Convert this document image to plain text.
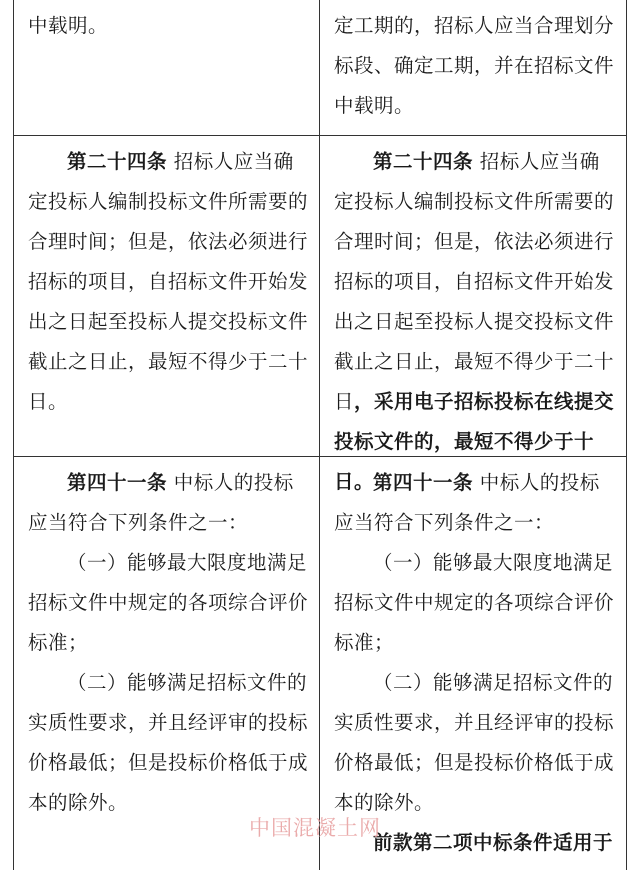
中载明。	定工期的，招标人应当合理划分标段、确定工期，并在招标文件中载明。

第二十四条 招标人应当确定投标人编制投标文件所需要的合理时间；但是，依法必须进行招标的项目，自招标文件开始发出之日起至投标人提交投标文件截止之日止，最短不得少于二十日。

第二十四条 招标人应当确定投标人编制投标文件所需要的合理时间；但是，依法必须进行招标的项目，自招标文件开始发出之日起至投标人提交投标文件截止之日止，最短不得少于二十日，采用电子招标投标在线提交投标文件的，最短不得少于十日。

第四十一条 中标人的投标应当符合下列条件之一：

（一）能够最大限度地满足招标文件中规定的各项综合评价标准；

（二）能够满足招标文件的实质性要求，并且经评审的投标价格最低；但是投标价格低于成本的除外。

第四十一条 中标人的投标应当符合下列条件之一：

（一）能够最大限度地满足招标文件中规定的各项综合评价标准；

（二）能够满足招标文件的实质性要求，并且经评审的投标价格最低；但是投标价格低于成本的除外。

前款第二项中标条件适用于

中国混凝土网
